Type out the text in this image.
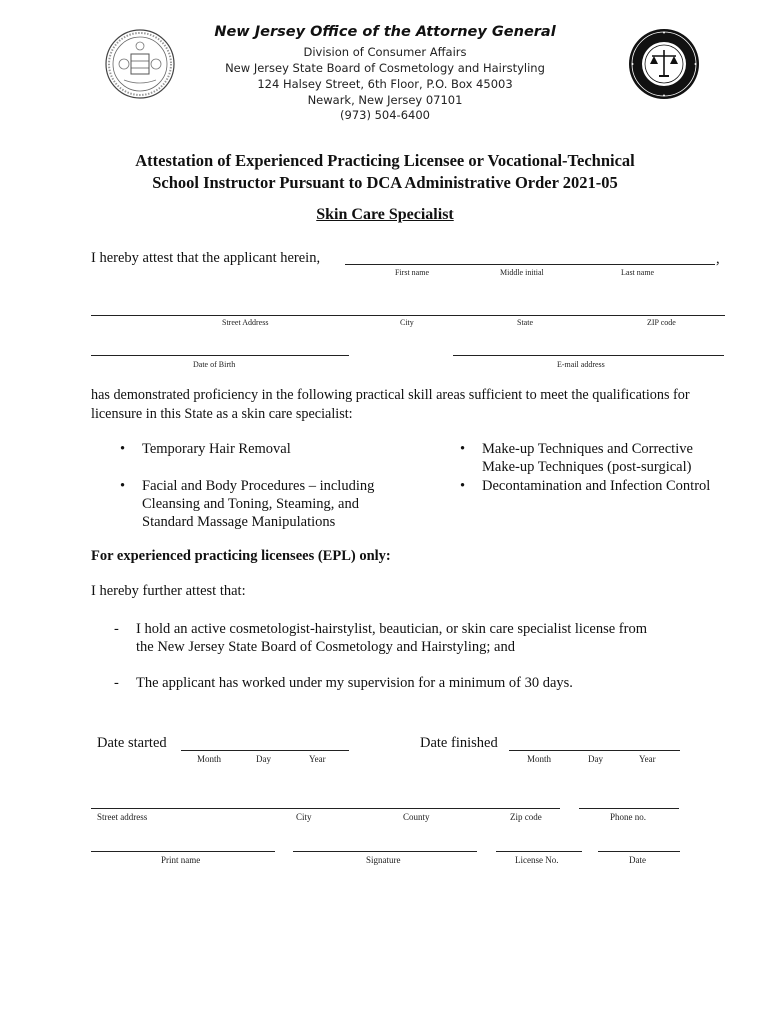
New Jersey Office of the Attorney General
Division of Consumer Affairs
New Jersey State Board of Cosmetology and Hairstyling
124 Halsey Street, 6th Floor, P.O. Box 45003
Newark, New Jersey 07101
(973) 504-6400
Attestation of Experienced Practicing Licensee or Vocational-Technical
School Instructor Pursuant to DCA Administrative Order 2021-05
Skin Care Specialist
I hereby attest that the applicant herein,	,
First name	Middle initial	Last name
Street Address	City	State	ZIP code
Date of Birth	E-mail address
has demonstrated proficiency in the following practical skill areas sufficient to meet the qualifications for
licensure in this State as a skin care specialist:
• Temporary Hair Removal
• Facial and Body Procedures – including
Cleansing and Toning, Steaming, and
Standard Massage Manipulations
• Make-up Techniques and Corrective
Make-up Techniques (post-surgical)
• Decontamination and Infection Control
For experienced practicing licensees (EPL) only:
I hereby further attest that:
- I hold an active cosmetologist-hairstylist, beautician, or skin care specialist license from
the New Jersey State Board of Cosmetology and Hairstyling; and
- The applicant has worked under my supervision for a minimum of 30 days.
Date started
Month	Day	Year
Date finished
Month	Day	Year
Street address	City	County	Zip code	Phone no.
Print name	Signature	License No.	Date
